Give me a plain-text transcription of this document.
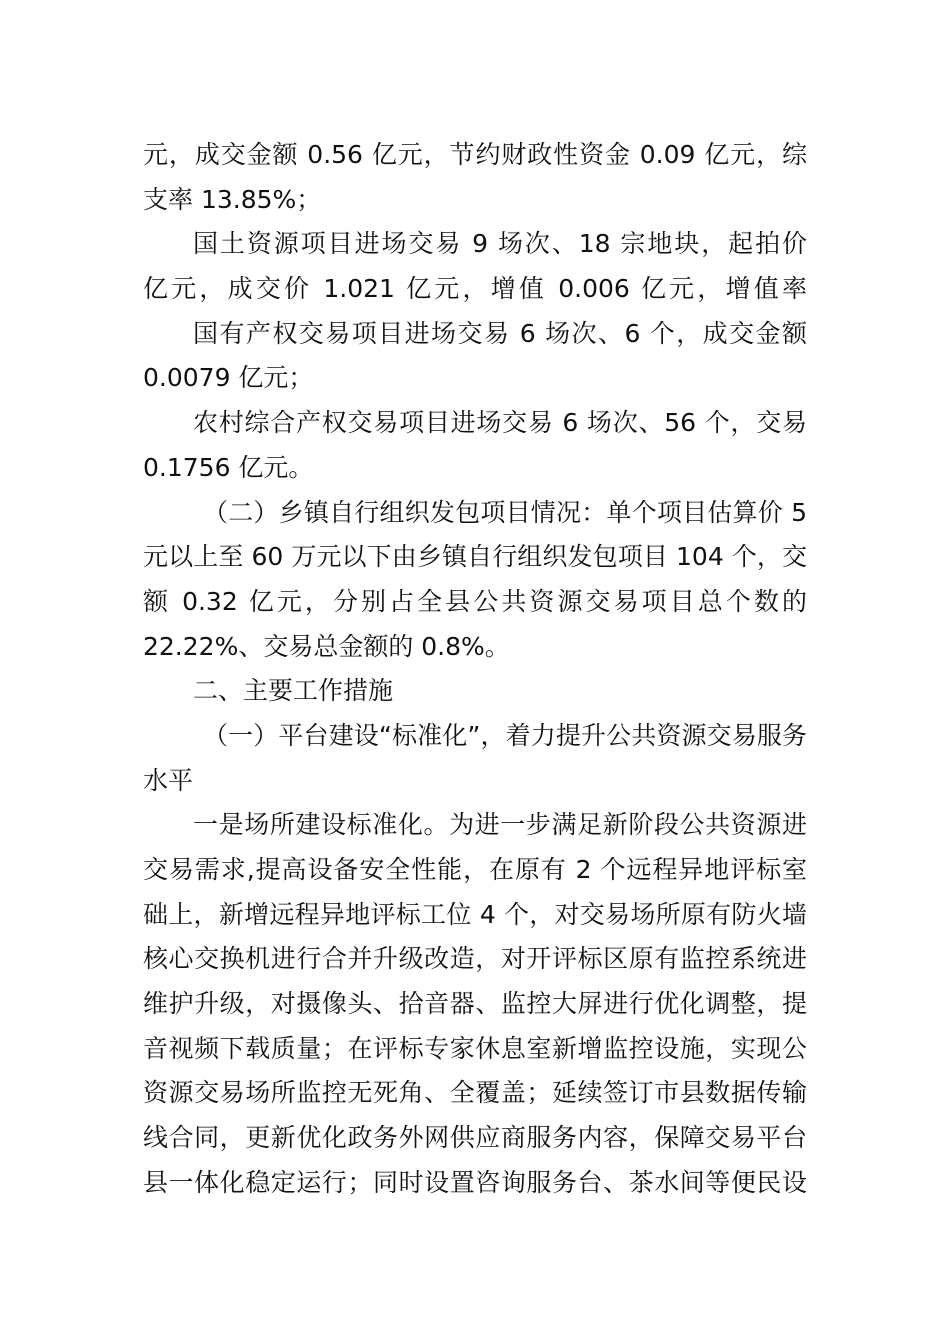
元，成交金额 0.56 亿元，节约财政性资金 0.09 亿元，综
支率 13.85%；
国土资源项目进场交易 9 场次、18 宗地块，起拍价
亿元，成交价 1.021 亿元，增值 0.006 亿元，增值率
国有产权交易项目进场交易 6 场次、6 个，成交金额
0.0079 亿元；
农村综合产权交易项目进场交易 6 场次、56 个，交易
0.1756 亿元。
（二）乡镇自行组织发包项目情况：单个项目估算价 5
元以上至 60 万元以下由乡镇自行组织发包项目 104 个，交
额 0.32 亿元，分别占全县公共资源交易项目总个数的
22.22%、交易总金额的 0.8%。
二、主要工作措施
（一）平台建设“标准化”，着力提升公共资源交易服务
水平
一是场所建设标准化。为进一步满足新阶段公共资源进
交易需求,提高设备安全性能，在原有 2 个远程异地评标室
础上，新增远程异地评标工位 4 个，对交易场所原有防火墙
核心交换机进行合并升级改造，对开评标区原有监控系统进
维护升级，对摄像头、拾音器、监控大屏进行优化调整，提
音视频下载质量；在评标专家休息室新增监控设施，实现公
资源交易场所监控无死角、全覆盖；延续签订市县数据传输
线合同，更新优化政务外网供应商服务内容，保障交易平台
县一体化稳定运行；同时设置咨询服务台、茶水间等便民设
